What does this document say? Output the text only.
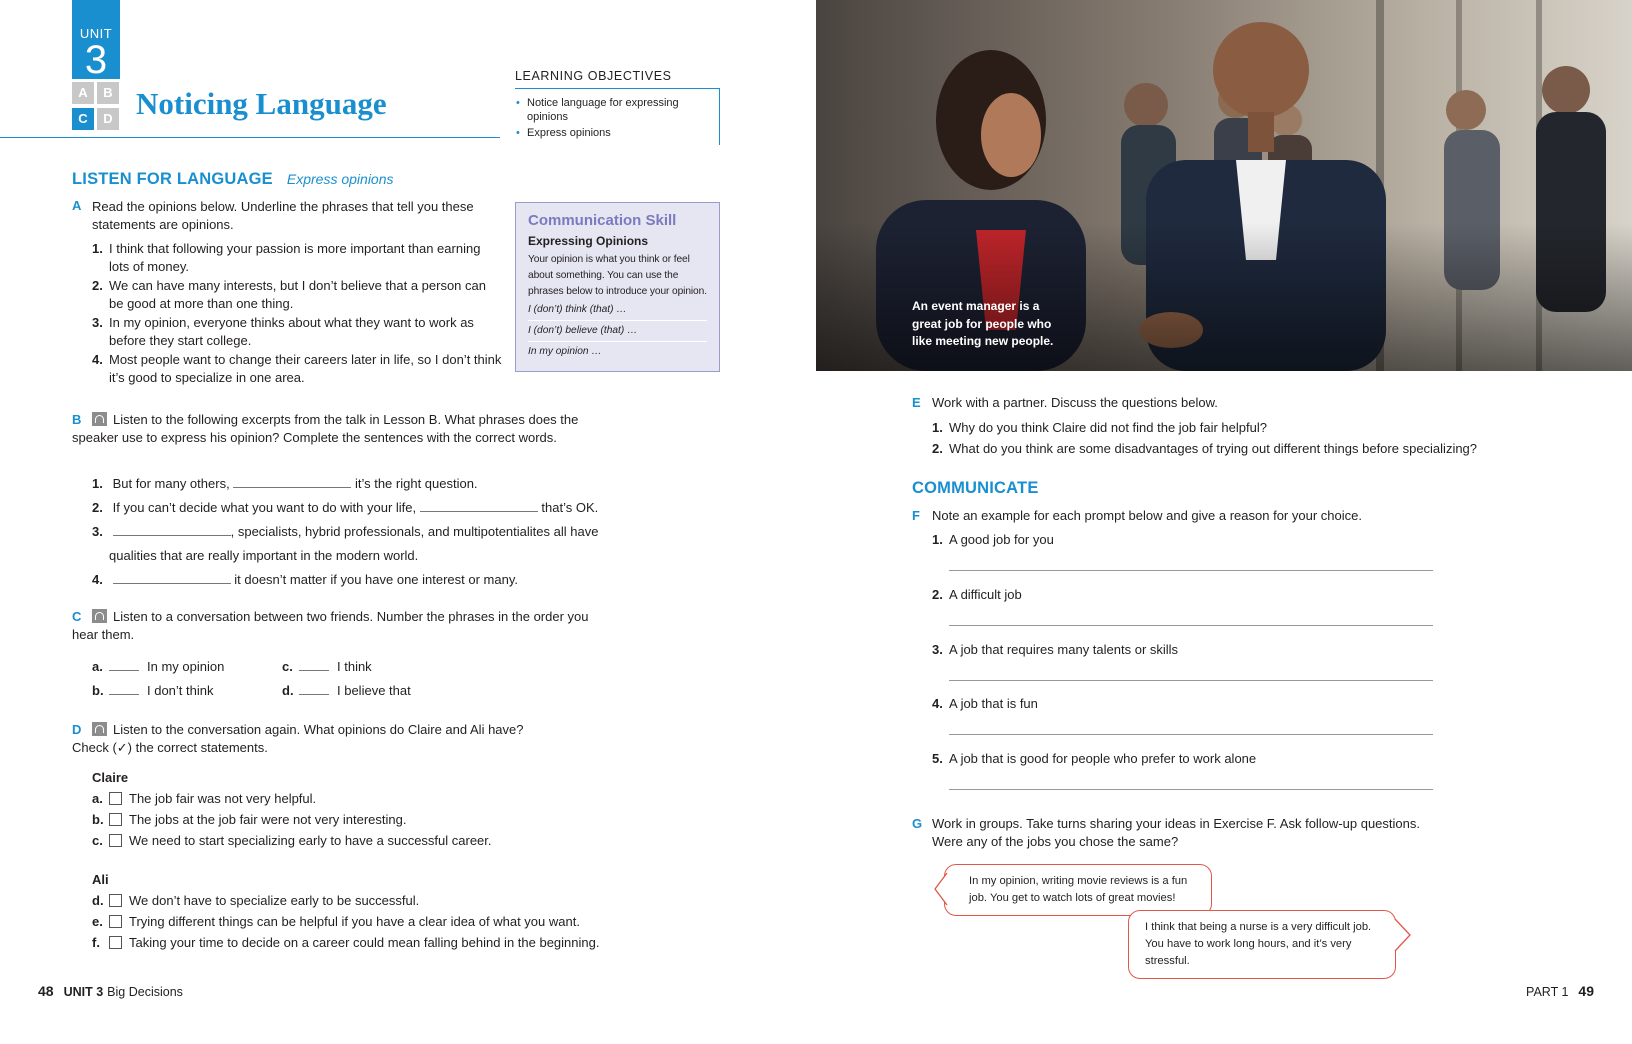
UNIT
3
A	B
C	D Noticing Language
LEARNING OBJECTIVES
• Notice language for expressing opinions
• Express opinions
LISTEN FOR LANGUAGE Express opinions
A Read the opinions below. Underline the phrases that tell you these statements are opinions.
1. I think that following your passion is more important than earning lots of money.
2. We can have many interests, but I don’t believe that a person can be good at more than one thing.
3. In my opinion, everyone thinks about what they want to work as before they start college.
4. Most people want to change their careers later in life, so I don’t think it’s good to specialize in one area.
Communication Skill
Expressing Opinions
Your opinion is what you think or feel about something. You can use the phrases below to introduce your opinion.
I (don’t) think (that) …
I (don’t) believe (that) …
In my opinion …
B Listen to the following excerpts from the talk in Lesson B. What phrases does the speaker use to express his opinion? Complete the sentences with the correct words.
1. But for many others,	it’s the right question.
2. If you can’t decide what you want to do with your life,	that’s OK.
3.	, specialists, hybrid professionals, and multipotentialites all have
qualities that are really important in the modern world.
4.	it doesn’t matter if you have one interest or many.
C Listen to a conversation between two friends. Number the phrases in the order you hear them.
a.	In my opinion	c.	I think
b.	I don’t think	d.	I believe that
D Listen to the conversation again. What opinions do Claire and Ali have? Check (✓) the correct statements.
Claire
a. The job fair was not very helpful.
b. The jobs at the job fair were not very interesting.
c. We need to start specializing early to have a successful career.
Ali
d. We don’t have to specialize early to be successful.
e. Trying different things can be helpful if you have a clear idea of what you want.
f. Taking your time to decide on a career could mean falling behind in the beginning.
48 UNIT 3 Big Decisions
An event manager is a great job for people who like meeting new people.
E Work with a partner. Discuss the questions below.
1. Why do you think Claire did not find the job fair helpful?
2. What do you think are some disadvantages of trying out different things before specializing?
COMMUNICATE
F Note an example for each prompt below and give a reason for your choice.
1. A good job for you
2. A difficult job
3. A job that requires many talents or skills
4. A job that is fun
5. A job that is good for people who prefer to work alone
G Work in groups. Take turns sharing your ideas in Exercise F. Ask follow-up questions. Were any of the jobs you chose the same?
In my opinion, writing movie reviews is a fun job. You get to watch lots of great movies!
I think that being a nurse is a very difficult job. You have to work long hours, and it’s very stressful.
PART 1 49
